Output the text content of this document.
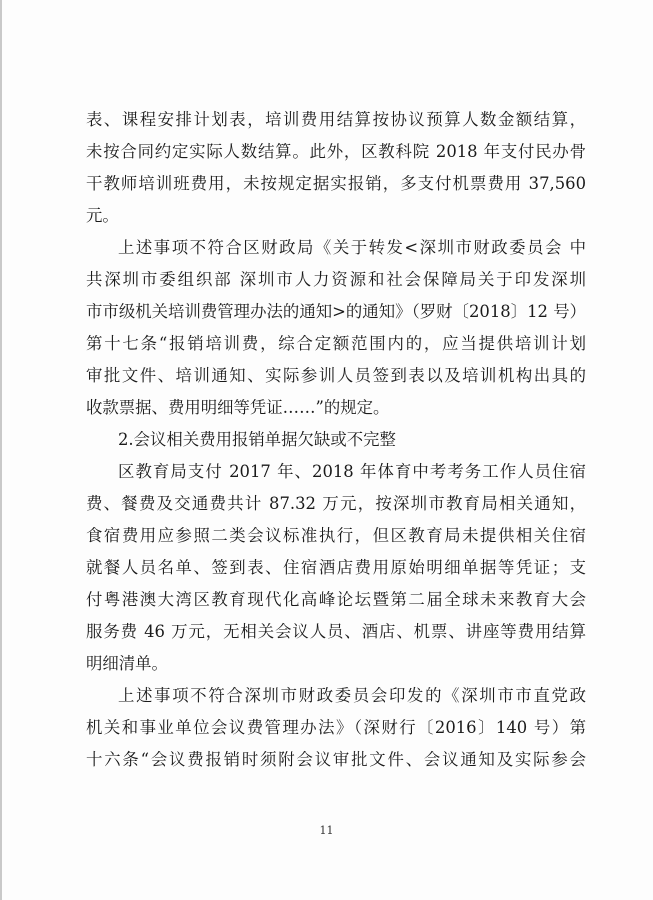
表、课程安排计划表，培训费用结算按协议预算人数金额结算，
未按合同约定实际人数结算。此外，区教科院 2018 年支付民办骨
干教师培训班费用，未按规定据实报销，多支付机票费用 37,560
元。
上述事项不符合区财政局《关于转发<深圳市财政委员会 中
共深圳市委组织部 深圳市人力资源和社会保障局关于印发深圳
市市级机关培训费管理办法的通知>的通知》（罗财〔2018〕12 号）
第十七条“报销培训费，综合定额范围内的，应当提供培训计划
审批文件、培训通知、实际参训人员签到表以及培训机构出具的
收款票据、费用明细等凭证……”的规定。
2.会议相关费用报销单据欠缺或不完整
区教育局支付 2017 年、2018 年体育中考考务工作人员住宿
费、餐费及交通费共计 87.32 万元，按深圳市教育局相关通知，
食宿费用应参照二类会议标准执行，但区教育局未提供相关住宿
就餐人员名单、签到表、住宿酒店费用原始明细单据等凭证；支
付粤港澳大湾区教育现代化高峰论坛暨第二届全球未来教育大会
服务费 46 万元，无相关会议人员、酒店、机票、讲座等费用结算
明细清单。
上述事项不符合深圳市财政委员会印发的《深圳市市直党政
机关和事业单位会议费管理办法》（深财行〔2016〕140 号）第
十六条“会议费报销时须附会议审批文件、会议通知及实际参会
11
